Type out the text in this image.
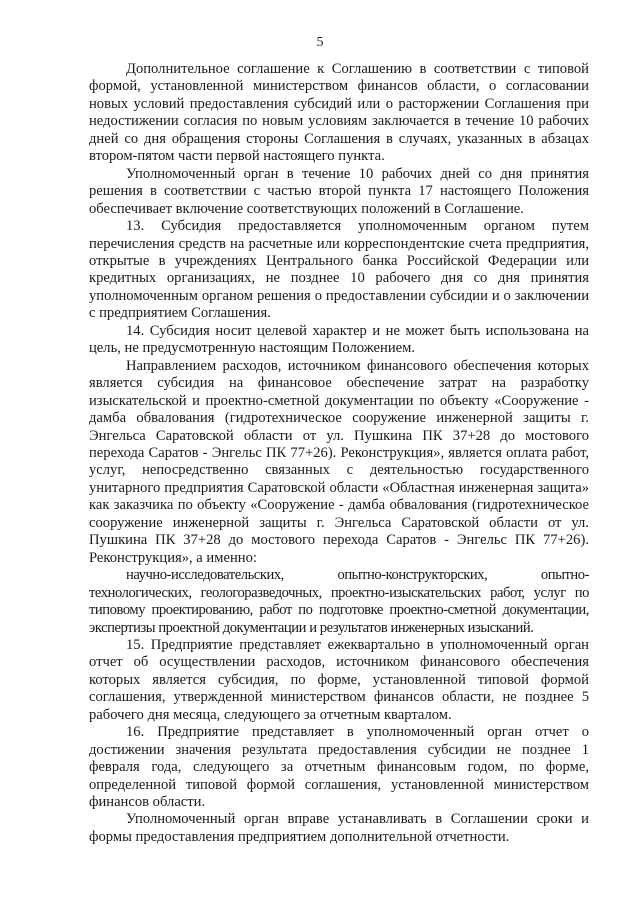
5

Дополнительное соглашение к Соглашению в соответствии с типовой формой, установленной министерством финансов области, о согласовании новых условий предоставления субсидий или о расторжении Соглашения при недостижении согласия по новым условиям заключается в течение 10 рабочих дней со дня обращения стороны Соглашения в случаях, указанных в абзацах втором-пятом части первой настоящего пункта.

Уполномоченный орган в течение 10 рабочих дней со дня принятия решения в соответствии с частью второй пункта 17 настоящего Положения обеспечивает включение соответствующих положений в Соглашение.

13. Субсидия предоставляется уполномоченным органом путем перечисления средств на расчетные или корреспондентские счета предприятия, открытые в учреждениях Центрального банка Российской Федерации или кредитных организациях, не позднее 10 рабочего дня со дня принятия уполномоченным органом решения о предоставлении субсидии и о заключении с предприятием Соглашения.

14. Субсидия носит целевой характер и не может быть использована на цель, не предусмотренную настоящим Положением.

Направлением расходов, источником финансового обеспечения которых является субсидия на финансовое обеспечение затрат на разработку изыскательской и проектно-сметной документации по объекту «Сооружение - дамба обвалования (гидротехническое сооружение инженерной защиты г. Энгельса Саратовской области от ул. Пушкина ПК 37+28 до мостового перехода Саратов - Энгельс ПК 77+26). Реконструкция», является оплата работ, услуг, непосредственно связанных с деятельностью государственного унитарного предприятия Саратовской области «Областная инженерная защита» как заказчика по объекту «Сооружение - дамба обвалования (гидротехническое сооружение инженерной защиты г. Энгельса Саратовской области от ул. Пушкина ПК 37+28 до мостового перехода Саратов - Энгельс ПК 77+26). Реконструкция», а именно:

научно-исследовательских, опытно-конструкторских, опытно-технологических, геологоразведочных, проектно-изыскательских работ, услуг по типовому проектированию, работ по подготовке проектно-сметной документации, экспертизы проектной документации и результатов инженерных изысканий.

15. Предприятие представляет ежеквартально в уполномоченный орган отчет об осуществлении расходов, источником финансового обеспечения которых является субсидия, по форме, установленной типовой формой соглашения, утвержденной министерством финансов области, не позднее 5 рабочего дня месяца, следующего за отчетным кварталом.

16. Предприятие представляет в уполномоченный орган отчет о достижении значения результата предоставления субсидии не позднее 1 февраля года, следующего за отчетным финансовым годом, по форме, определенной типовой формой соглашения, установленной министерством финансов области.

Уполномоченный орган вправе устанавливать в Соглашении сроки и формы предоставления предприятием дополнительной отчетности.
